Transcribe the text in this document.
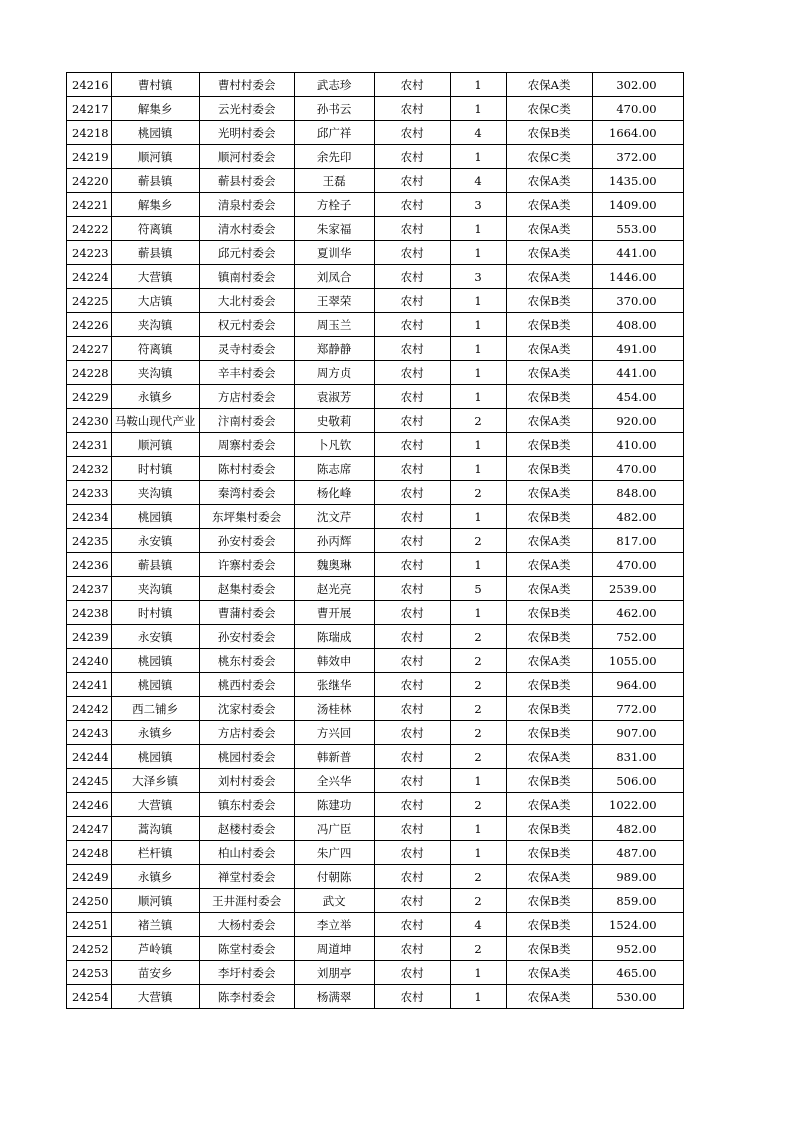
24216	曹村镇	曹村村委会	武志珍	农村	1	农保A类	302.00
24217	解集乡	云光村委会	孙书云	农村	1	农保C类	470.00
24218	桃园镇	光明村委会	邱广祥	农村	4	农保B类	1664.00
24219	顺河镇	顺河村委会	余先印	农村	1	农保C类	372.00
24220	蕲县镇	蕲县村委会	王磊	农村	4	农保A类	1435.00
24221	解集乡	清泉村委会	方栓子	农村	3	农保A类	1409.00
24222	符离镇	清水村委会	朱家福	农村	1	农保A类	553.00
24223	蕲县镇	邱元村委会	夏训华	农村	1	农保A类	441.00
24224	大营镇	镇南村委会	刘凤合	农村	3	农保A类	1446.00
24225	大店镇	大北村委会	王翠荣	农村	1	农保B类	370.00
24226	夹沟镇	权元村委会	周玉兰	农村	1	农保B类	408.00
24227	符离镇	灵寺村委会	郑静静	农村	1	农保A类	491.00
24228	夹沟镇	辛丰村委会	周方贞	农村	1	农保A类	441.00
24229	永镇乡	方店村委会	袁淑芳	农村	1	农保B类	454.00
24230	马鞍山现代产业	汴南村委会	史敬莉	农村	2	农保A类	920.00
24231	顺河镇	周寨村委会	卜凡钦	农村	1	农保B类	410.00
24232	时村镇	陈村村委会	陈志席	农村	1	农保B类	470.00
24233	夹沟镇	秦湾村委会	杨化峰	农村	2	农保A类	848.00
24234	桃园镇	东坪集村委会	沈文芹	农村	1	农保B类	482.00
24235	永安镇	孙安村委会	孙丙辉	农村	2	农保A类	817.00
24236	蕲县镇	许寨村委会	魏奥琳	农村	1	农保A类	470.00
24237	夹沟镇	赵集村委会	赵光亮	农村	5	农保A类	2539.00
24238	时村镇	曹蒲村委会	曹开展	农村	1	农保B类	462.00
24239	永安镇	孙安村委会	陈瑞成	农村	2	农保B类	752.00
24240	桃园镇	桃东村委会	韩效申	农村	2	农保A类	1055.00
24241	桃园镇	桃西村委会	张继华	农村	2	农保B类	964.00
24242	西二铺乡	沈家村委会	汤桂林	农村	2	农保B类	772.00
24243	永镇乡	方店村委会	方兴回	农村	2	农保B类	907.00
24244	桃园镇	桃园村委会	韩新普	农村	2	农保A类	831.00
24245	大泽乡镇	刘村村委会	全兴华	农村	1	农保B类	506.00
24246	大营镇	镇东村委会	陈建功	农村	2	农保A类	1022.00
24247	蒿沟镇	赵楼村委会	冯广臣	农村	1	农保B类	482.00
24248	栏杆镇	柏山村委会	朱广四	农村	1	农保B类	487.00
24249	永镇乡	禅堂村委会	付朝陈	农村	2	农保A类	989.00
24250	顺河镇	王井涯村委会	武文	农村	2	农保B类	859.00
24251	褚兰镇	大杨村委会	李立举	农村	4	农保B类	1524.00
24252	芦岭镇	陈堂村委会	周道坤	农村	2	农保B类	952.00
24253	苗安乡	李圩村委会	刘朋亭	农村	1	农保A类	465.00
24254	大营镇	陈李村委会	杨满翠	农村	1	农保A类	530.00
